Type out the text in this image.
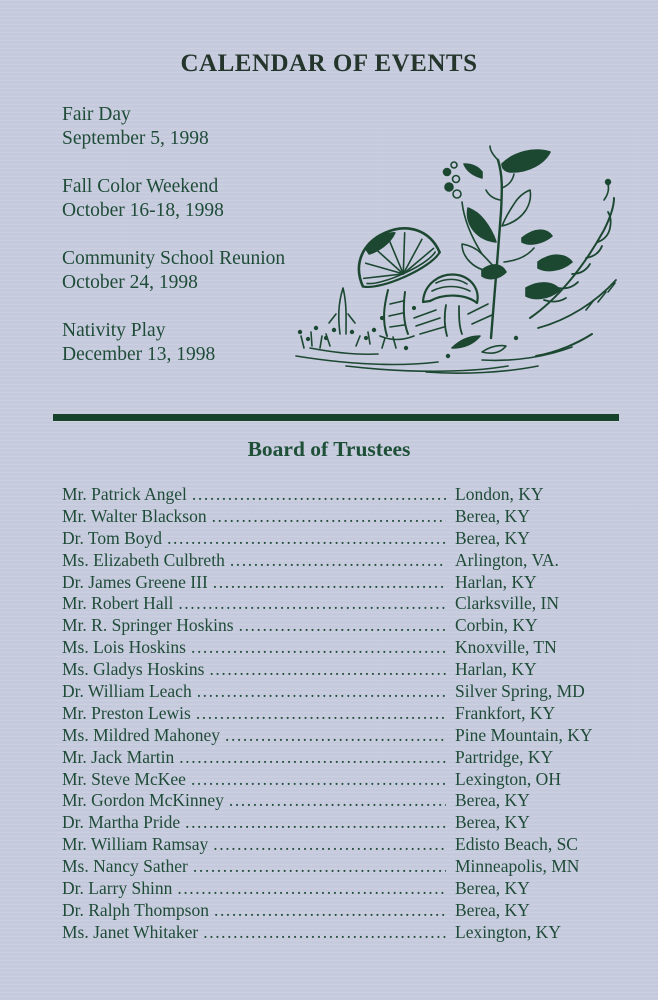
CALENDAR OF EVENTS
Fair Day
September 5, 1998
Fall Color Weekend
October 16-18, 1998
Community School Reunion
October 24, 1998
Nativity Play
December 13, 1998
Board of Trustees
Mr. Patrick Angel .....	London, KY
Mr. Walter Blackson .....	Berea, KY
Dr. Tom Boyd .....	Berea, KY
Ms. Elizabeth Culbreth .....	Arlington, VA.
Dr. James Greene III .....	Harlan, KY
Mr. Robert Hall .....	Clarksville, IN
Mr. R. Springer Hoskins .....	Corbin, KY
Ms. Lois Hoskins .....	Knoxville, TN
Ms. Gladys Hoskins .....	Harlan, KY
Dr. William Leach .....	Silver Spring, MD
Mr. Preston Lewis .....	Frankfort, KY
Ms. Mildred Mahoney .....	Pine Mountain, KY
Mr. Jack Martin .....	Partridge, KY
Mr. Steve McKee .....	Lexington, OH
Mr. Gordon McKinney .....	Berea, KY
Dr. Martha Pride .....	Berea, KY
Mr. William Ramsay .....	Edisto Beach, SC
Ms. Nancy Sather .....	Minneapolis, MN
Dr. Larry Shinn .....	Berea, KY
Dr. Ralph Thompson .....	Berea, KY
Ms. Janet Whitaker .....	Lexington, KY
